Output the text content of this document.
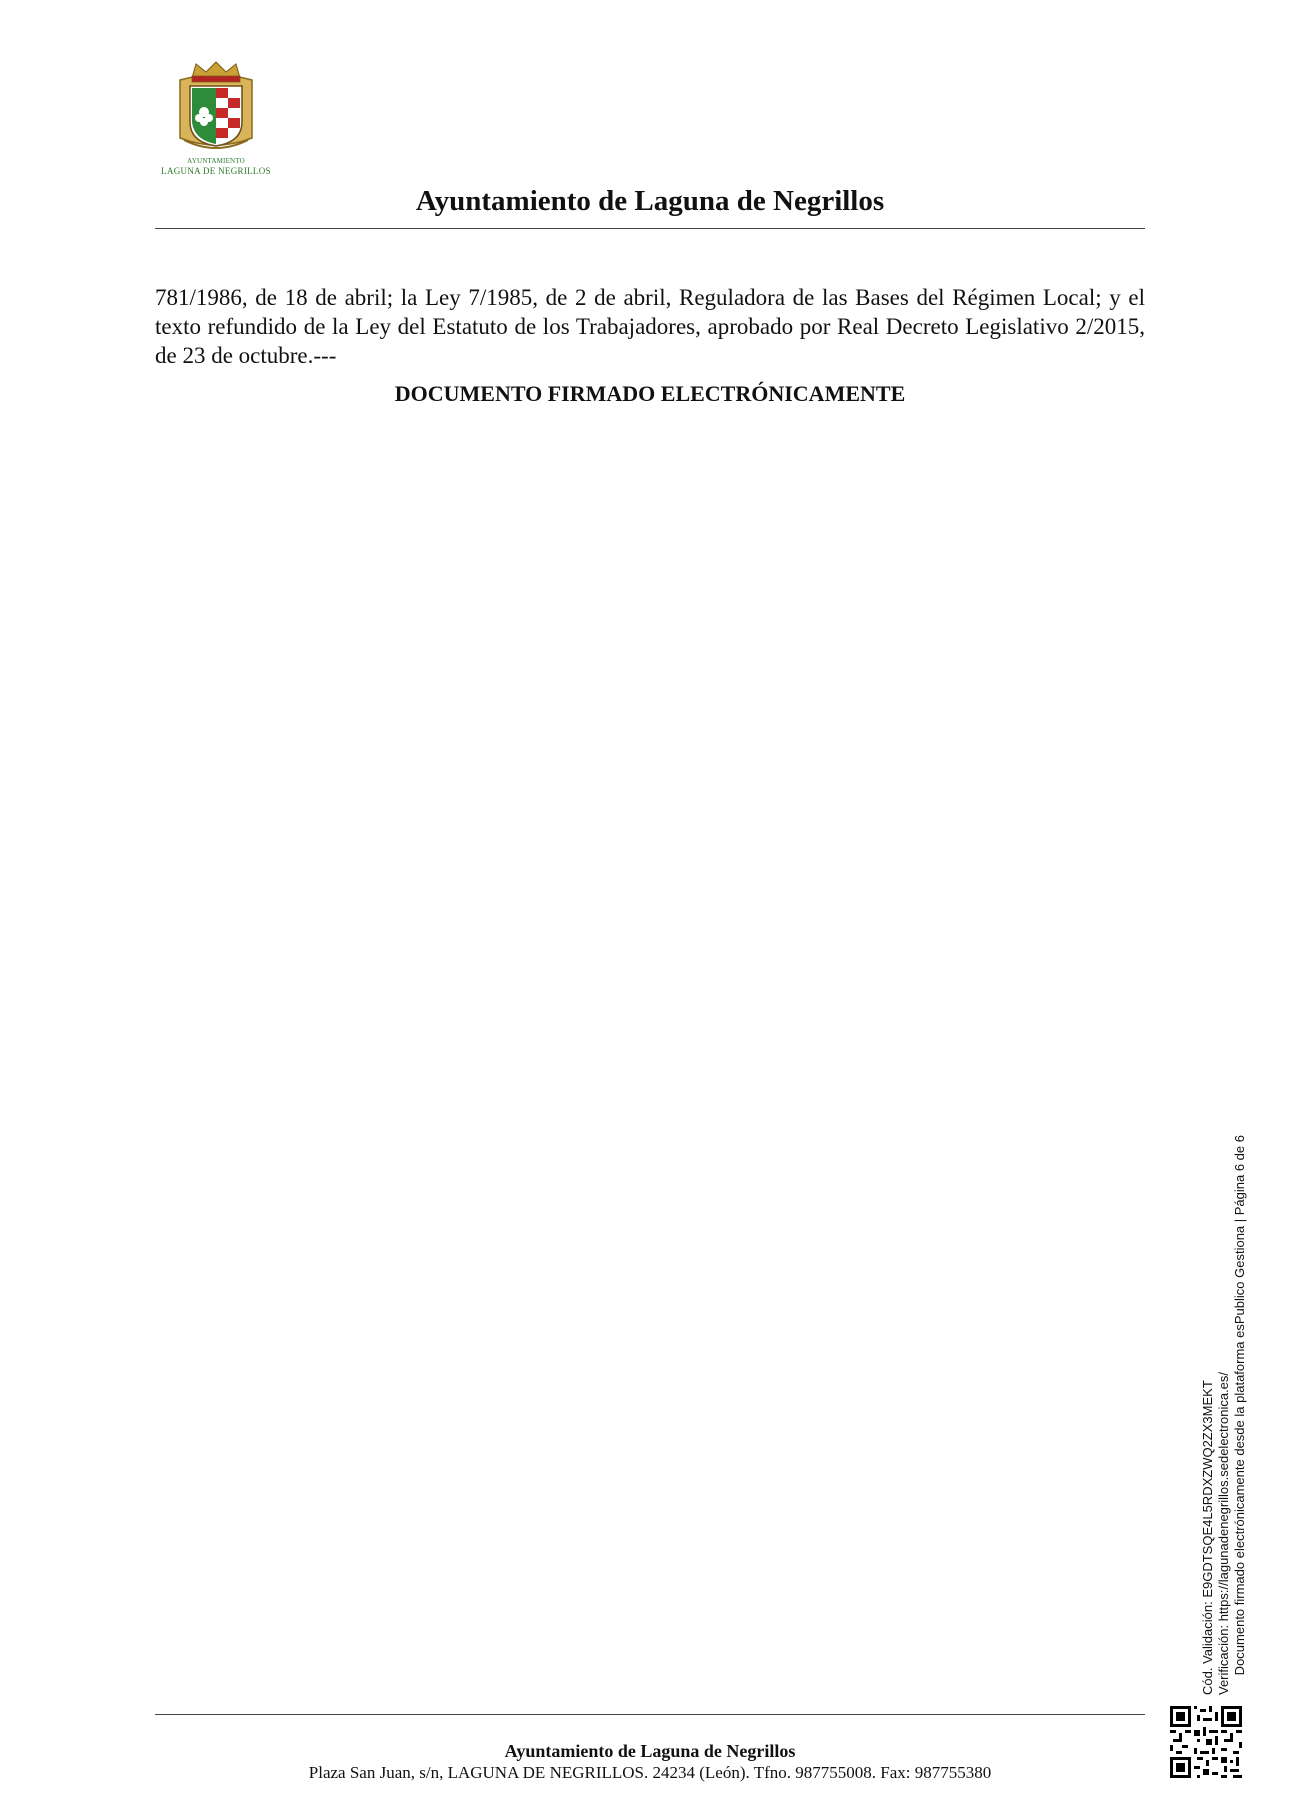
AYUNTAMIENTO
LAGUNA DE NEGRILLOS
Ayuntamiento de Laguna de Negrillos

781/1986, de 18 de abril; la Ley 7/1985, de 2 de abril, Reguladora de las Bases del Régimen Local; y el texto refundido de la Ley del Estatuto de los Trabajadores, aprobado por Real Decreto Legislativo 2/2015, de 23 de octubre.---

DOCUMENTO FIRMADO ELECTRÓNICAMENTE
Cód. Validación: E9GDTSQE4L5RDXZWQ2ZX3MEKT Verificación: https://lagunadenegrillos.sedelectronica.es/ Documento firmado electrónicamente desde la plataforma esPublico Gestiona | Página 6 de 6
Ayuntamiento de Laguna de Negrillos
Plaza San Juan, s/n, LAGUNA DE NEGRILLOS. 24234 (León). Tfno. 987755008. Fax: 987755380
